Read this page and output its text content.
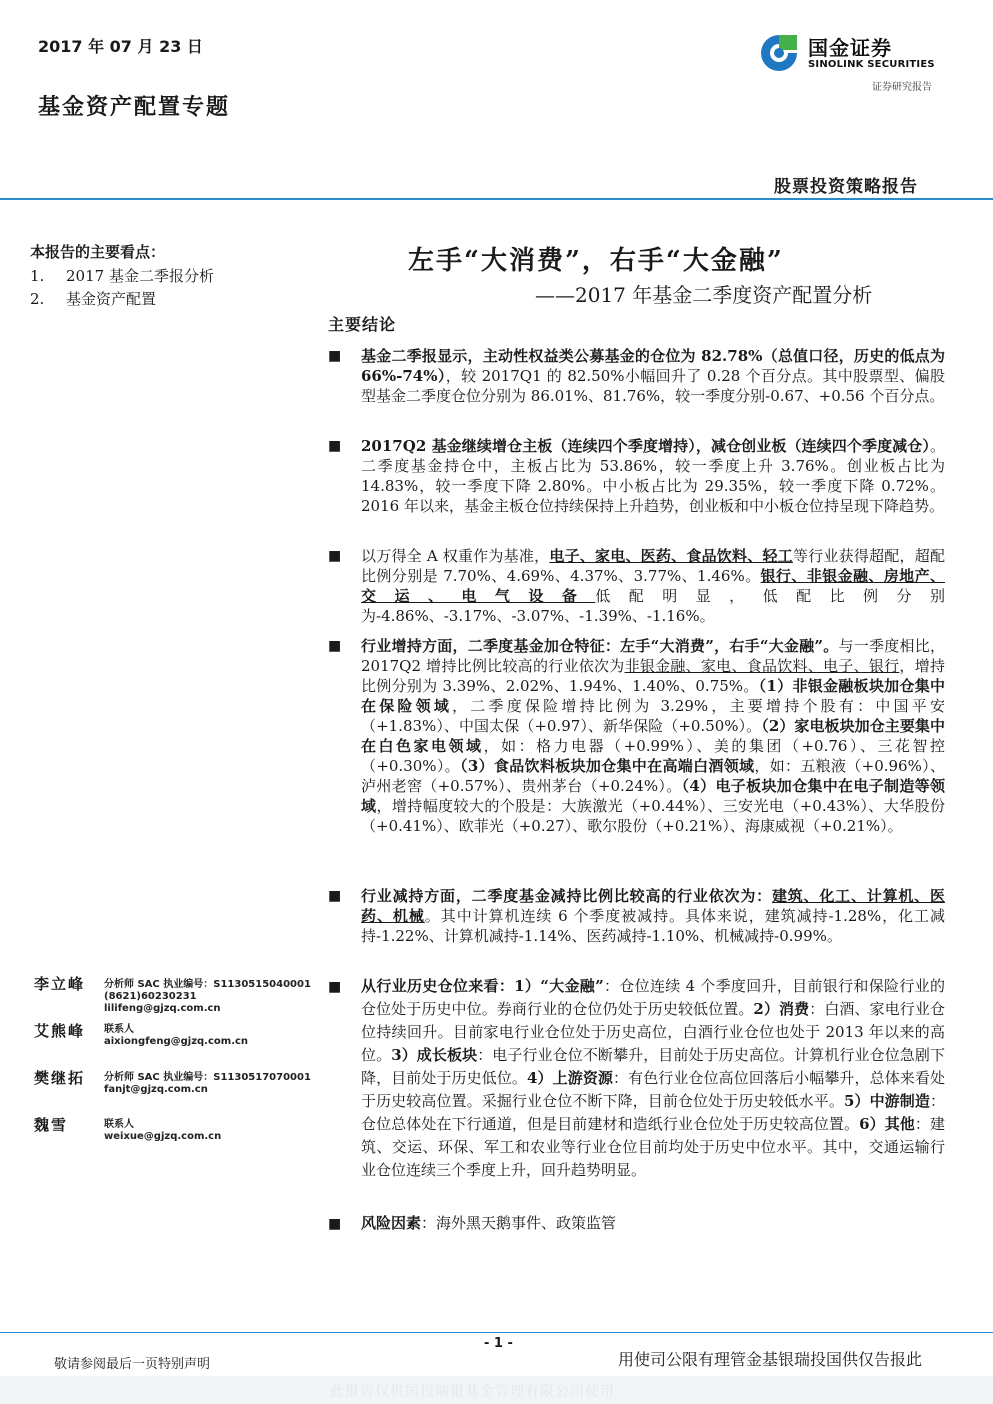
2017 年 07 月 23 日
基金资产配置专题
国金证券
SINOLINK SECURITIES
证券研究报告
股票投资策略报告
本报告的主要看点：
1. 2017 基金二季报分析
2. 基金资产配置
左手“大消费”，右手“大金融”
——2017 年基金二季度资产配置分析
主要结论
■ 基金二季报显示，主动性权益类公募基金的仓位为 82.78%（总值口径，历史的低点为 66%-74%），较 2017Q1 的 82.50%小幅回升了 0.28 个百分点。其中股票型、偏股型基金二季度仓位分别为 86.01%、81.76%，较一季度分别-0.67、+0.56 个百分点。
■ 2017Q2 基金继续增仓主板（连续四个季度增持），减仓创业板（连续四个季度减仓）。二季度基金持仓中，主板占比为 53.86%，较一季度上升 3.76%。创业板占比为 14.83%，较一季度下降 2.80%。中小板占比为 29.35%，较一季度下降 0.72%。2016 年以来，基金主板仓位持续保持上升趋势，创业板和中小板仓位持呈现下降趋势。
■ 以万得全 A 权重作为基准，电子、家电、医药、食品饮料、轻工等行业获得超配，超配比例分别是 7.70%、4.69%、4.37%、3.77%、1.46%。银行、非银金融、房地产、交运、电气设备低配明显，低配比例分别为-4.86%、-3.17%、-3.07%、-1.39%、-1.16%。
■ 行业增持方面，二季度基金加仓特征：左手“大消费”，右手“大金融”。与一季度相比，2017Q2 增持比例比较高的行业依次为非银金融、家电、食品饮料、电子、银行，增持比例分别为 3.39%、2.02%、1.94%、1.40%、0.75%。（1）非银金融板块加仓集中在保险领域，二季度保险增持比例为 3.29%，主要增持个股有：中国平安（+1.83%）、中国太保（+0.97）、新华保险（+0.50%）。（2）家电板块加仓主要集中在白色家电领域，如：格力电器（+0.99%）、美的集团（+0.76）、三花智控（+0.30%）。（3）食品饮料板块加仓集中在高端白酒领域，如：五粮液（+0.96%）、泸州老窖（+0.57%）、贵州茅台（+0.24%）。（4）电子板块加仓集中在电子制造等领域，增持幅度较大的个股是：大族激光（+0.44%）、三安光电（+0.43%）、大华股份（+0.41%）、欧菲光（+0.27）、歌尔股份（+0.21%）、海康威视（+0.21%）。
■ 行业减持方面，二季度基金减持比例比较高的行业依次为：建筑、化工、计算机、医药、机械。其中计算机连续 6 个季度被减持。具体来说，建筑减持-1.28%，化工减持-1.22%、计算机减持-1.14%、医药减持-1.10%、机械减持-0.99%。
■ 从行业历史仓位来看：1）“大金融”：仓位连续 4 个季度回升，目前银行和保险行业的仓位处于历史中位。券商行业的仓位仍处于历史较低位置。2）消费：白酒、家电行业仓位持续回升。目前家电行业仓位处于历史高位，白酒行业仓位也处于 2013 年以来的高位。3）成长板块：电子行业仓位不断攀升，目前处于历史高位。计算机行业仓位急剧下降，目前处于历史低位。4）上游资源：有色行业仓位高位回落后小幅攀升，总体来看处于历史较高位置。采掘行业仓位不断下降，目前仓位处于历史较低水平。5）中游制造：仓位总体处在下行通道，但是目前建材和造纸行业仓位处于历史较高位置。6）其他：建筑、交运、环保、军工和农业等行业仓位目前均处于历史中位水平。其中，交通运输行业仓位连续三个季度上升，回升趋势明显。
■ 风险因素：海外黑天鹅事件、政策监管
李立峰 分析师 SAC 执业编号：S1130515040001
(8621)60230231
lilifeng@gjzq.com.cn
艾熊峰 联系人
aixiongfeng@gjzq.com.cn
樊继拓 分析师 SAC 执业编号：S1130517070001
fanjt@gjzq.com.cn
魏雪	联系人
weixue@gjzq.com.cn
- 1 -
敬请参阅最后一页特别声明	用使司公限有理管金基银瑞投国供仅告报此
此报告仅供国投瑞银基金管理有限公司使用
